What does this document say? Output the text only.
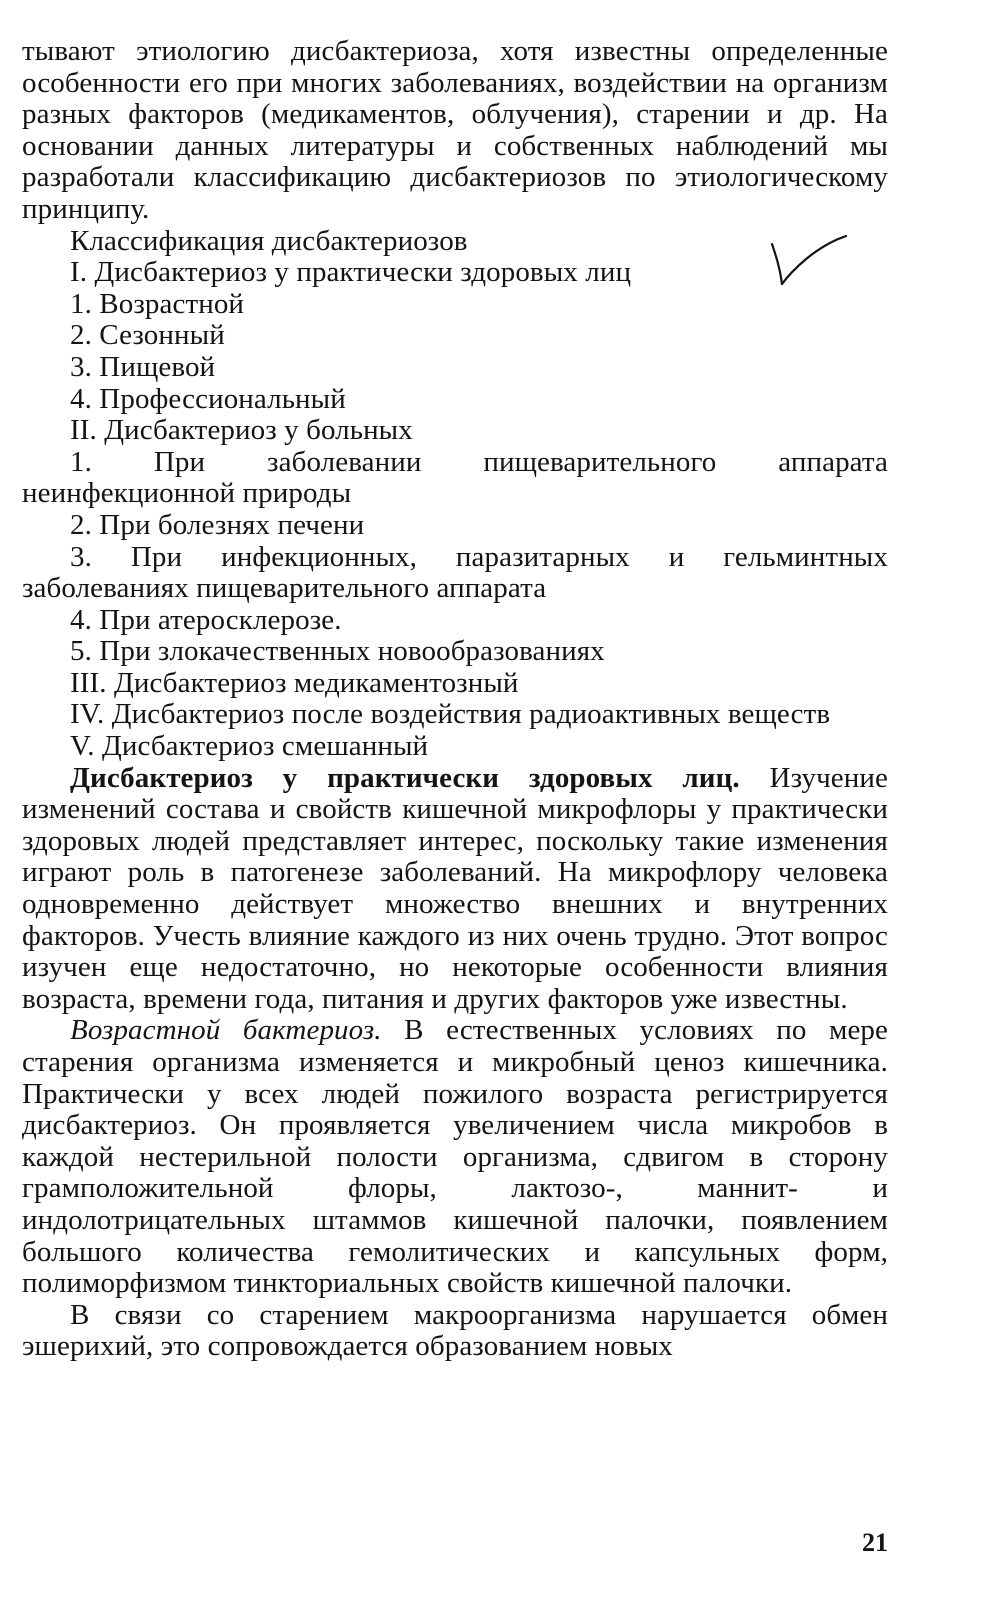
тывают этиологию дисбактериоза, хотя известны определенные особенности его при многих заболеваниях, воздействии на организм разных факторов (медикаментов, облучения), старении и др. На основании данных литературы и собственных наблюдений мы разработали классификацию дисбактериозов по этиологическому принципу.

Классификация дисбактериозов

I. Дисбактериоз у практически здоровых лиц

1. Возрастной

2. Сезонный

3. Пищевой

4. Профессиональный

II. Дисбактериоз у больных

1. При заболевании пищеварительного аппарата неинфекционной природы

2. При болезнях печени

3. При инфекционных, паразитарных и гельминтных заболеваниях пищеварительного аппарата

4. При атеросклерозе.

5. При злокачественных новообразованиях

III. Дисбактериоз медикаментозный

IV. Дисбактериоз после воздействия радиоактивных веществ

V. Дисбактериоз смешанный

Дисбактериоз у практически здоровых лиц. Изучение изменений состава и свойств кишечной микрофлоры у практически здоровых людей представляет интерес, поскольку такие изменения играют роль в патогенезе заболеваний. На микрофлору человека одновременно действует множество внешних и внутренних факторов. Учесть влияние каждого из них очень трудно. Этот вопрос изучен еще недостаточно, но некоторые особенности влияния возраста, времени года, питания и других факторов уже известны.

Возрастной бактериоз. В естественных условиях по мере старения организма изменяется и микробный ценоз кишечника. Практически у всех людей пожилого возраста регистрируется дисбактериоз. Он проявляется увеличением числа микробов в каждой нестерильной полости организма, сдвигом в сторону грамположительной флоры, лактозо-, маннит- и индолотрицательных штаммов кишечной палочки, появлением большого количества гемолитических и капсульных форм, полиморфизмом тинкториальных свойств кишечной палочки.

В связи со старением макроорганизма нарушается обмен эшерихий, это сопровождается образованием новых

21
